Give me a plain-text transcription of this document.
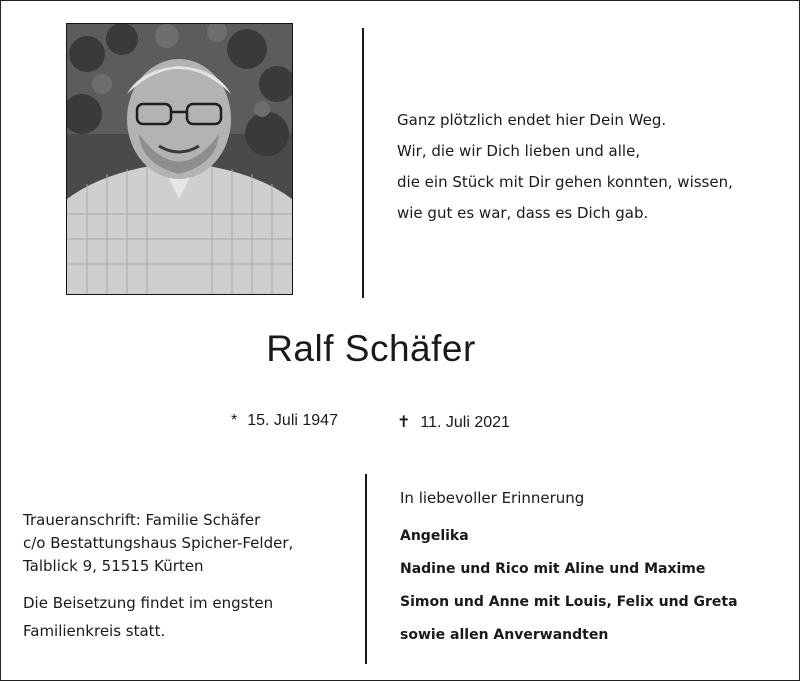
Ganz plötzlich endet hier Dein Weg.
Wir, die wir Dich lieben und alle,
die ein Stück mit Dir gehen konnten, wissen,
wie gut es war, dass es Dich gab.
Ralf Schäfer
* 15. Juli 1947	✝ 11. Juli 2021
Traueranschrift: Familie Schäfer
c/o Bestattungshaus Spicher-Felder,
Talblick 9, 51515 Kürten
Die Beisetzung findet im engsten
Familienkreis statt.
In liebevoller Erinnerung
Angelika
Nadine und Rico mit Aline und Maxime
Simon und Anne mit Louis, Felix und Greta
sowie allen Anverwandten
